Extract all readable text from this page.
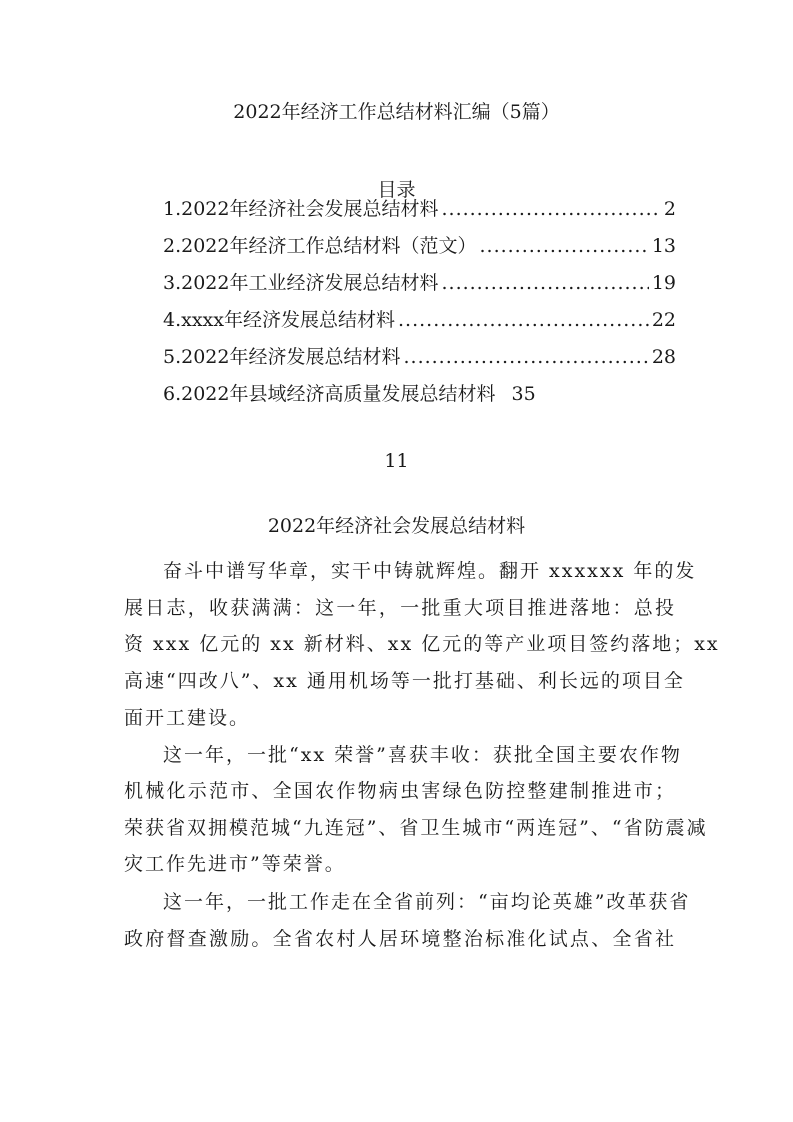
2022年经济工作总结材料汇编（5篇）
目录
1.2022年经济社会发展总结材料 .....	2
2.2022年经济工作总结材料（范文） .....	13
3.2022年工业经济发展总结材料 .....	19
4.xxxx年经济发展总结材料 .....	22
5.2022年经济发展总结材料 .....	28
6.2022年县域经济高质量发展总结材料 35
11
2022年经济社会发展总结材料
奋斗中谱写华章，实干中铸就辉煌。翻开 xxxxxx 年的发
展日志，收获满满：这一年，一批重大项目推进落地：总投
资 xxx 亿元的 xx 新材料、xx 亿元的等产业项目签约落地；xx
高速“四改八”、xx 通用机场等一批打基础、利长远的项目全
面开工建设。
这一年，一批“xx 荣誉”喜获丰收：获批全国主要农作物
机械化示范市、全国农作物病虫害绿色防控整建制推进市；
荣获省双拥模范城“九连冠”、省卫生城市“两连冠”、“省防震减
灾工作先进市”等荣誉。
这一年，一批工作走在全省前列：“亩均论英雄”改革获省
政府督查激励。全省农村人居环境整治标准化试点、全省社
